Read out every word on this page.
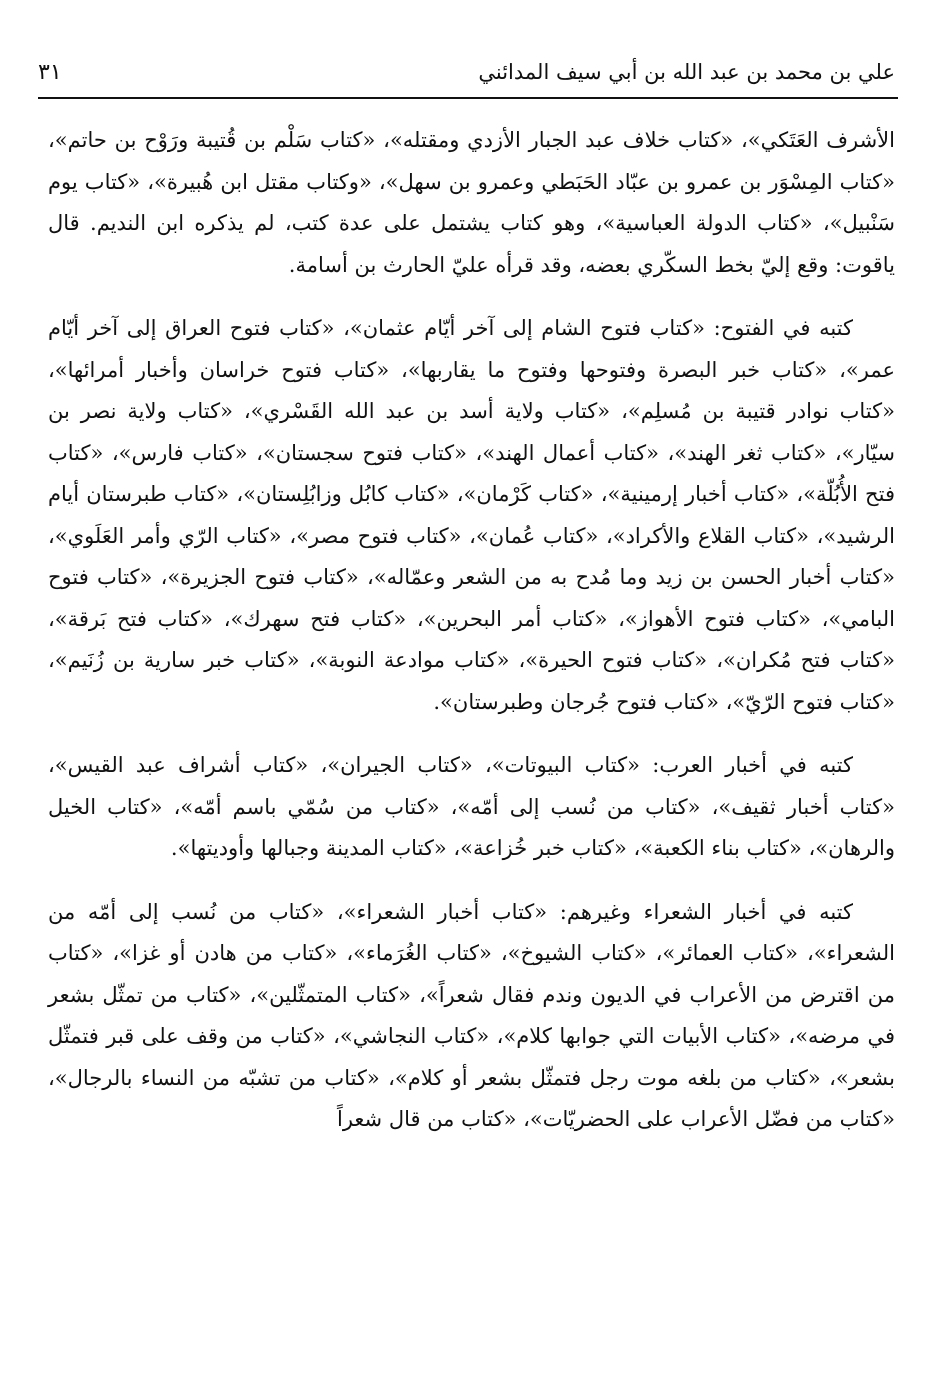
علي بن محمد بن عبد الله بن أبي سيف المدائني
٣١

الأشرف العَتَكي»، «كتاب خلاف عبد الجبار الأزدي ومقتله»، «كتاب سَلْم بن قُتيبة ورَوْح بن حاتم»، «كتاب المِسْوَر بن عمرو بن عبّاد الحَبَطي وعمرو بن سهل»، «وكتاب مقتل ابن هُبيرة»، «كتاب يوم سَنْبيل»، «كتاب الدولة العباسية»، وهو كتاب يشتمل على عدة كتب، لم يذكره ابن النديم. قال ياقوت: وقع إليّ بخط السكّري بعضه، وقد قرأه عليّ الحارث بن أسامة.

كتبه في الفتوح: «كتاب فتوح الشام إلى آخر أيّام عثمان»، «كتاب فتوح العراق إلى آخر أيّام عمر»، «كتاب خبر البصرة وفتوحها وفتوح ما يقاربها»، «كتاب فتوح خراسان وأخبار أمرائها»، «كتاب نوادر قتيبة بن مُسلِم»، «كتاب ولاية أسد بن عبد الله القَسْري»، «كتاب ولاية نصر بن سيّار»، «كتاب ثغر الهند»، «كتاب أعمال الهند»، «كتاب فتوح سجستان»، «كتاب فارس»، «كتاب فتح الأُبُلّة»، «كتاب أخبار إرمينية»، «كتاب كَرْمان»، «كتاب كابُل وزابُلِستان»، «كتاب طبرستان أيام الرشيد»، «كتاب القلاع والأكراد»، «كتاب عُمان»، «كتاب فتوح مصر»، «كتاب الرّي وأمر العَلَوي»، «كتاب أخبار الحسن بن زيد وما مُدح به من الشعر وعمّاله»، «كتاب فتوح الجزيرة»، «كتاب فتوح البامي»، «كتاب فتوح الأهواز»، «كتاب أمر البحرين»، «كتاب فتح سهرك»، «كتاب فتح بَرقة»، «كتاب فتح مُكران»، «كتاب فتوح الحيرة»، «كتاب موادعة النوبة»، «كتاب خبر سارية بن زُنَيم»، «كتاب فتوح الرّيّ»، «كتاب فتوح جُرجان وطبرستان».

كتبه في أخبار العرب: «كتاب البيوتات»، «كتاب الجيران»، «كتاب أشراف عبد القيس»، «كتاب أخبار ثقيف»، «كتاب من نُسب إلى أمّه»، «كتاب من سُمّي باسم أمّه»، «كتاب الخيل والرهان»، «كتاب بناء الكعبة»، «كتاب خبر خُزاعة»، «كتاب المدينة وجبالها وأوديتها».

كتبه في أخبار الشعراء وغيرهم: «كتاب أخبار الشعراء»، «كتاب من نُسب إلى أمّه من الشعراء»، «كتاب العمائر»، «كتاب الشيوخ»، «كتاب الغُرَماء»، «كتاب من هادن أو غزا»، «كتاب من اقترض من الأعراب في الديون وندم فقال شعراً»، «كتاب المتمثّلين»، «كتاب من تمثّل بشعر في مرضه»، «كتاب الأبيات التي جوابها كلام»، «كتاب النجاشي»، «كتاب من وقف على قبر فتمثّل بشعر»، «كتاب من بلغه موت رجل فتمثّل بشعر أو كلام»، «كتاب من تشبّه من النساء بالرجال»، «كتاب من فضّل الأعراب على الحضريّات»، «كتاب من قال شعراً
